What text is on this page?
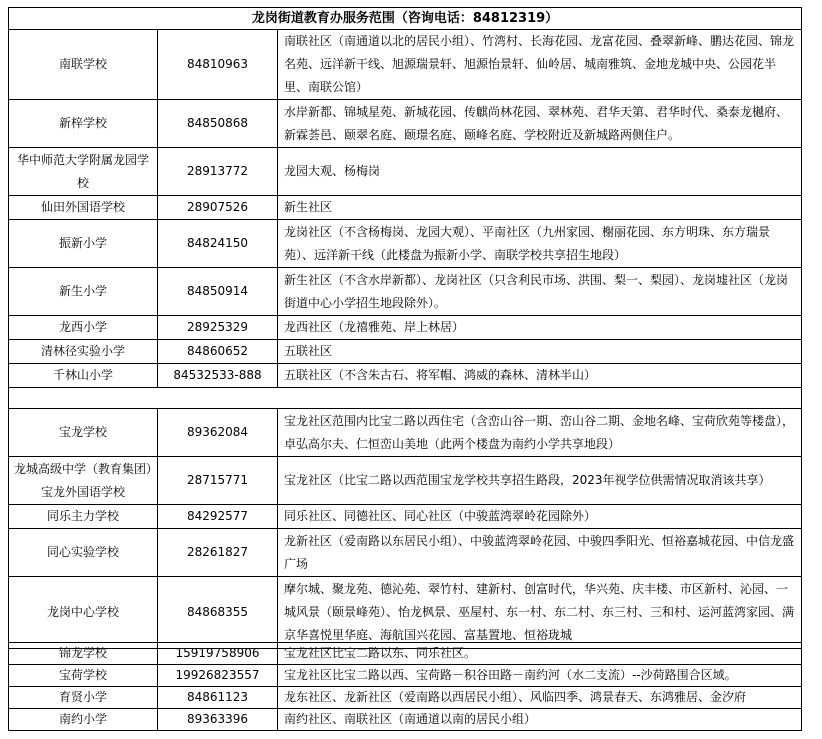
龙岗街道教育办服务范围（咨询电话：84812319）		
南联学校	84810963	南联社区（南通道以北的居民小组）、竹湾村、长海花园、龙富花园、叠翠新峰、鹏达花园、锦龙名苑、远洋新干线、旭源瑞景轩、旭源怡景轩、仙岭居、城南雅筑、金地龙城中央、公园花半里、南联公馆）
新梓学校	84850868	水岸新都、锦城星苑、新城花园、传麒尚林花园、翠林苑、君华天第、君华时代、桑泰龙樾府、新霖荟邑、颐翠名庭、颐璟名庭、颐峰名庭、学校附近及新城路两侧住户。
华中师范大学附属龙园学校	28913772	龙园大观、杨梅岗
仙田外国语学校	28907526	新生社区
振新小学	84824150	龙岗社区（不含杨梅岗、龙园大观）、平南社区（九州家园、榭丽花园、东方明珠、东方瑞景苑）、远洋新干线（此楼盘为振新小学、南联学校共享招生地段）
新生小学	84850914	新生社区（不含水岸新都）、龙岗社区（只含利民市场、洪围、梨一、梨园）、龙岗墟社区（龙岗街道中心小学招生地段除外）。
龙西小学	28925329	龙西社区（龙禧雅苑、岸上林居）
清林径实验小学	84860652	五联社区
千林山小学	84532533-888	五联社区（不含朱古石、将军帽、鸿威的森林、清林半山）

宝龙学校	89362084	宝龙社区范围内比宝二路以西住宅（含峦山谷一期、峦山谷二期、金地名峰、宝荷欣苑等楼盘），卓弘高尔夫、仁恒峦山美地（此两个楼盘为南约小学共享地段）
龙城高级中学（教育集团）宝龙外国语学校	28715771	宝龙社区（比宝二路以西范围宝龙学校共享招生路段，2023年视学位供需情况取消该共享）
同乐主力学校	84292577	同乐社区、同德社区、同心社区（中骏蓝湾翠岭花园除外）
同心实验学校	28261827	龙新社区（爱南路以东居民小组）、中骏蓝湾翠岭花园、中骏四季阳光、恒裕嘉城花园、中信龙盛广场
龙岗中心学校	84868355	摩尔城、聚龙苑、德沁苑、翠竹村、建新村、创富时代，华兴苑、庆丰楼、市区新村、沁园、一城风景（颐景峰苑）、怡龙枫景、巫屋村、东一村、东二村、东三村、三和村、运河蓝湾家园、满京华喜悦里华庭、海航国兴花园、富基置地、恒裕珑城
锦龙学校	15919758906	宝龙社区比宝二路以东、同乐社区。
宝荷学校	19926823557	宝龙社区比宝二路以西、宝荷路－积谷田路－南约河（水二支流）--沙荷路围合区域。
育贤小学	84861123	龙东社区、龙新社区（爱南路以西居民小组）、风临四季、鸿景春天、东鸿雅居、金汐府
南约小学	89363396	南约社区、南联社区（南通道以南的居民小组）
